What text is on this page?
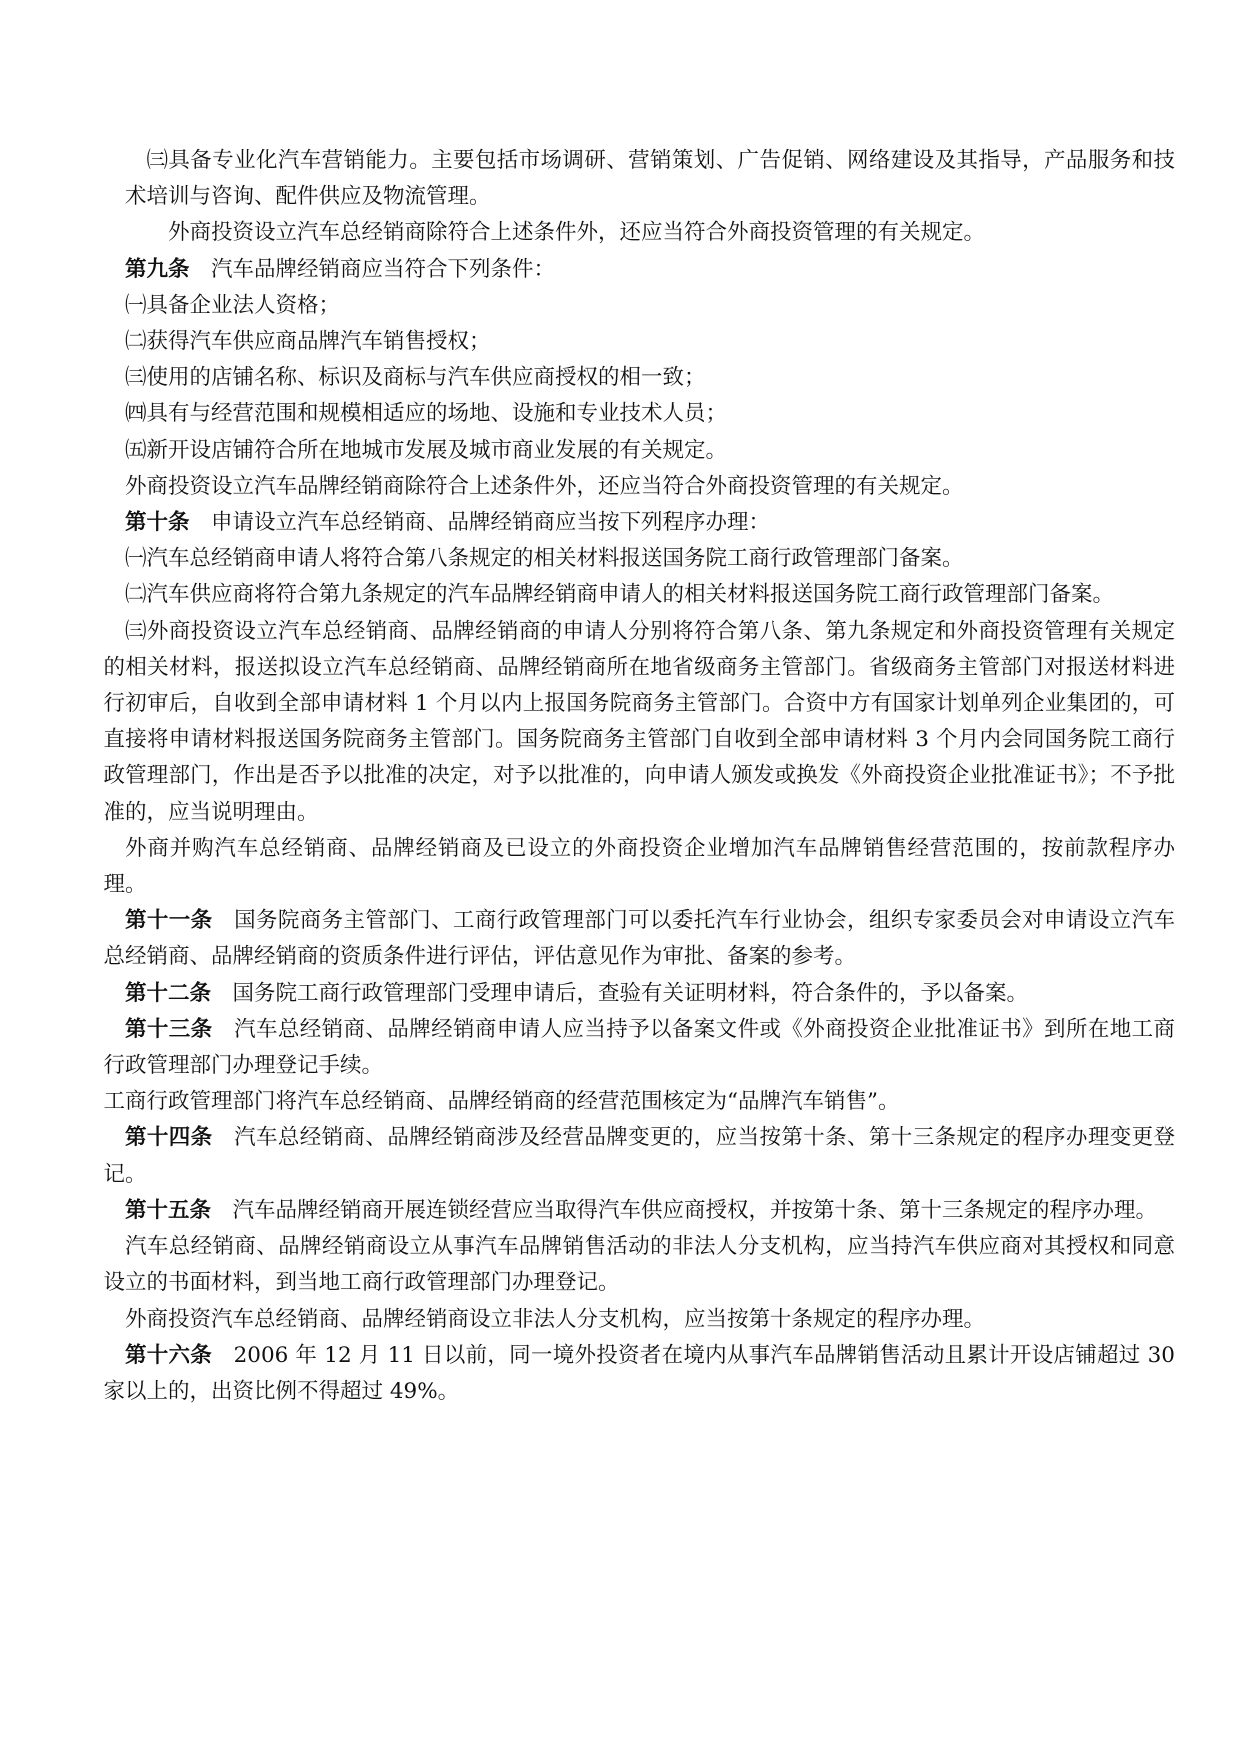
㈢具备专业化汽车营销能力。主要包括市场调研、营销策划、广告促销、网络建设及其指导，产品服务和技术培训与咨询、配件供应及物流管理。

外商投资设立汽车总经销商除符合上述条件外，还应当符合外商投资管理的有关规定。

第九条 汽车品牌经销商应当符合下列条件：

㈠具备企业法人资格；

㈡获得汽车供应商品牌汽车销售授权；

㈢使用的店铺名称、标识及商标与汽车供应商授权的相一致；

㈣具有与经营范围和规模相适应的场地、设施和专业技术人员；

㈤新开设店铺符合所在地城市发展及城市商业发展的有关规定。

外商投资设立汽车品牌经销商除符合上述条件外，还应当符合外商投资管理的有关规定。

第十条 申请设立汽车总经销商、品牌经销商应当按下列程序办理：

㈠汽车总经销商申请人将符合第八条规定的相关材料报送国务院工商行政管理部门备案。

㈡汽车供应商将符合第九条规定的汽车品牌经销商申请人的相关材料报送国务院工商行政管理部门备案。

㈢外商投资设立汽车总经销商、品牌经销商的申请人分别将符合第八条、第九条规定和外商投资管理有关规定的相关材料，报送拟设立汽车总经销商、品牌经销商所在地省级商务主管部门。省级商务主管部门对报送材料进行初审后，自收到全部申请材料 1 个月以内上报国务院商务主管部门。合资中方有国家计划单列企业集团的，可直接将申请材料报送国务院商务主管部门。国务院商务主管部门自收到全部申请材料 3 个月内会同国务院工商行政管理部门，作出是否予以批准的决定，对予以批准的，向申请人颁发或换发《外商投资企业批准证书》；不予批准的，应当说明理由。

外商并购汽车总经销商、品牌经销商及已设立的外商投资企业增加汽车品牌销售经营范围的，按前款程序办理。

第十一条 国务院商务主管部门、工商行政管理部门可以委托汽车行业协会，组织专家委员会对申请设立汽车总经销商、品牌经销商的资质条件进行评估，评估意见作为审批、备案的参考。

第十二条 国务院工商行政管理部门受理申请后，查验有关证明材料，符合条件的，予以备案。

第十三条 汽车总经销商、品牌经销商申请人应当持予以备案文件或《外商投资企业批准证书》到所在地工商行政管理部门办理登记手续。

工商行政管理部门将汽车总经销商、品牌经销商的经营范围核定为“品牌汽车销售”。

第十四条 汽车总经销商、品牌经销商涉及经营品牌变更的，应当按第十条、第十三条规定的程序办理变更登记。

第十五条 汽车品牌经销商开展连锁经营应当取得汽车供应商授权，并按第十条、第十三条规定的程序办理。

汽车总经销商、品牌经销商设立从事汽车品牌销售活动的非法人分支机构，应当持汽车供应商对其授权和同意设立的书面材料，到当地工商行政管理部门办理登记。

外商投资汽车总经销商、品牌经销商设立非法人分支机构，应当按第十条规定的程序办理。

第十六条 2006 年 12 月 11 日以前，同一境外投资者在境内从事汽车品牌销售活动且累计开设店铺超过 30 家以上的，出资比例不得超过 49%。
